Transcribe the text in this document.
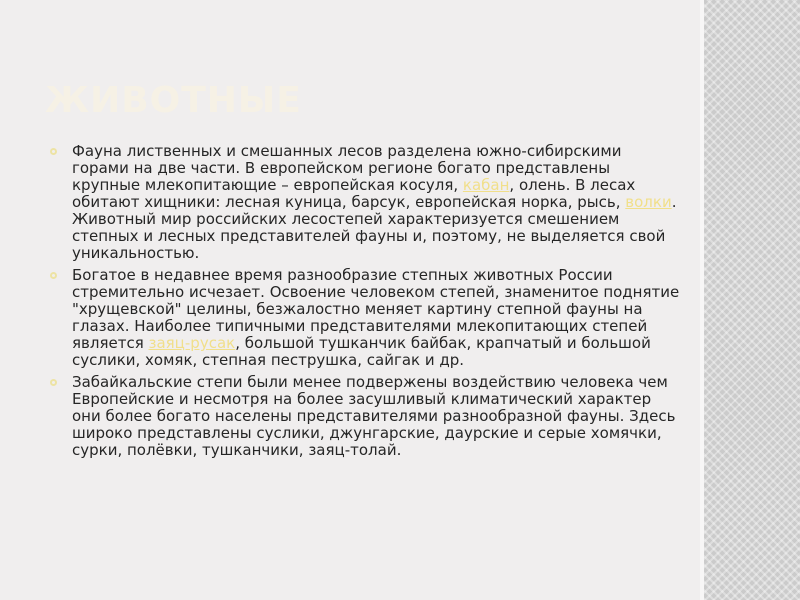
ЖИВОТНЫЕ
Фауна лиственных и смешанных лесов разделена южно-сибирскими горами на две части. В европейском регионе богато представлены крупные млекопитающие – европейская косуля, кабан, олень. В лесах обитают хищники: лесная куница, барсук, европейская норка, рысь, волки. Животный мир российских лесостепей характеризуется смешением степных и лесных представителей фауны и, поэтому, не выделяется свой уникальностью.
Богатое в недавнее время разнообразие степных животных России стремительно исчезает. Освоение человеком степей, знаменитое поднятие "хрущевской" целины, безжалостно меняет картину степной фауны на глазах. Наиболее типичными представителями млекопитающих степей является заяц-русак, большой тушканчик байбак, крапчатый и большой суслики, хомяк, степная пеструшка, сайгак и др.
Забайкальские степи были менее подвержены воздействию человека чем Европейские и несмотря на более засушливый климатический характер они более богато населены представителями разнообразной фауны. Здесь широко представлены суслики, джунгарские, даурские и серые хомячки, сурки, полёвки, тушканчики, заяц-толай.
